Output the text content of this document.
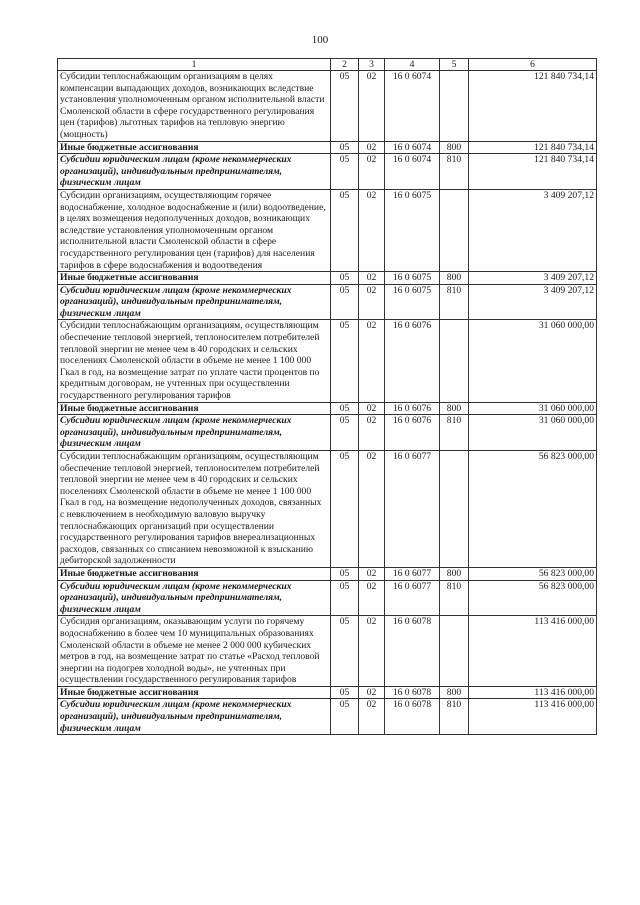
100
1	2	3	4	5	6
Субсидии теплоснабжающим организациям в целях компенсации выпадающих доходов, возникающих вследствие установления уполномоченным органом исполнительной власти Смоленской области в сфере государственного регулирования цен (тарифов) льготных тарифов на тепловую энергию (мощность)	05	02	16 0 6074		121 840 734,14
Иные бюджетные ассигнования	05	02	16 0 6074	800	121 840 734,14
Субсидии юридическим лицам (кроме некоммерческих организаций), индивидуальным предпринимателям, физическим лицам	05	02	16 0 6074	810	121 840 734,14
Субсидии организациям, осуществляющим горячее водоснабжение, холодное водоснабжение и (или) водоотведение, в целях возмещения недополученных доходов, возникающих вследствие установления уполномоченным органом исполнительной власти Смоленской области в сфере государственного регулирования цен (тарифов) для населения тарифов в сфере водоснабжения и водоотведения	05	02	16 0 6075		3 409 207,12
Иные бюджетные ассигнования	05	02	16 0 6075	800	3 409 207,12
Субсидии юридическим лицам (кроме некоммерческих организаций), индивидуальным предпринимателям, физическим лицам	05	02	16 0 6075	810	3 409 207,12
Субсидии теплоснабжающим организациям, осуществляющим обеспечение тепловой энергией, теплоносителем потребителей тепловой энергии не менее чем в 40 городских и сельских поселениях Смоленской области в объеме не менее 1 100 000 Гкал в год, на возмещение затрат по уплате части процентов по кредитным договорам, не учтенных при осуществлении государственного регулирования тарифов	05	02	16 0 6076		31 060 000,00
Иные бюджетные ассигнования	05	02	16 0 6076	800	31 060 000,00
Субсидии юридическим лицам (кроме некоммерческих организаций), индивидуальным предпринимателям, физическим лицам	05	02	16 0 6076	810	31 060 000,00
Субсидии теплоснабжающим организациям, осуществляющим обеспечение тепловой энергией, теплоносителем потребителей тепловой энергии не менее чем в 40 городских и сельских поселениях Смоленской области в объеме не менее 1 100 000 Гкал в год, на возмещение недополученных доходов, связанных с невключением в необходимую валовую выручку теплоснабжающих организаций при осуществлении государственного регулирования тарифов внереализационных расходов, связанных со списанием невозможной к взысканию дебиторской задолженности	05	02	16 0 6077		56 823 000,00
Иные бюджетные ассигнования	05	02	16 0 6077	800	56 823 000,00
Субсидии юридическим лицам (кроме некоммерческих организаций), индивидуальным предпринимателям, физическим лицам	05	02	16 0 6077	810	56 823 000,00
Субсидия организациям, оказывающим услуги по горячему водоснабжению в более чем 10 муниципальных образованиях Смоленской области в объеме не менее 2 000 000 кубических метров в год, на возмещение затрат по статье «Расход тепловой энергии на подогрев холодной воды», не учтенных при осуществлении государственного регулирования тарифов	05	02	16 0 6078		113 416 000,00
Иные бюджетные ассигнования	05	02	16 0 6078	800	113 416 000,00
Субсидии юридическим лицам (кроме некоммерческих организаций), индивидуальным предпринимателям, физическим лицам	05	02	16 0 6078	810	113 416 000,00
